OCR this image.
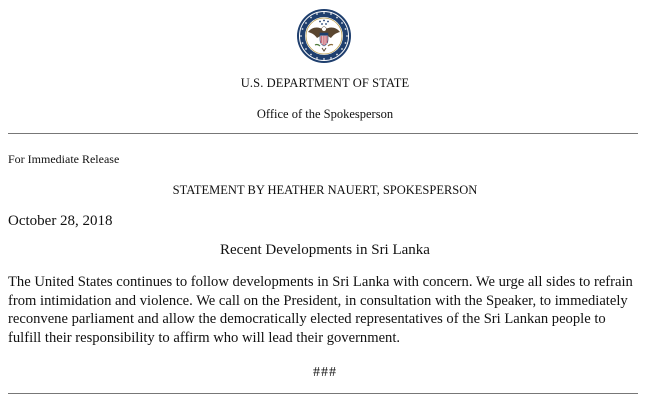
U.S. DEPARTMENT OF STATE
Office of the Spokesperson
For Immediate Release
STATEMENT BY HEATHER NAUERT, SPOKESPERSON
October 28, 2018
Recent Developments in Sri Lanka

The United States continues to follow developments in Sri Lanka with concern. We urge all sides to refrain from intimidation and violence. We call on the President, in consultation with the Speaker, to immediately reconvene parliament and allow the democratically elected representatives of the Sri Lankan people to fulfill their responsibility to affirm who will lead their government.

###
